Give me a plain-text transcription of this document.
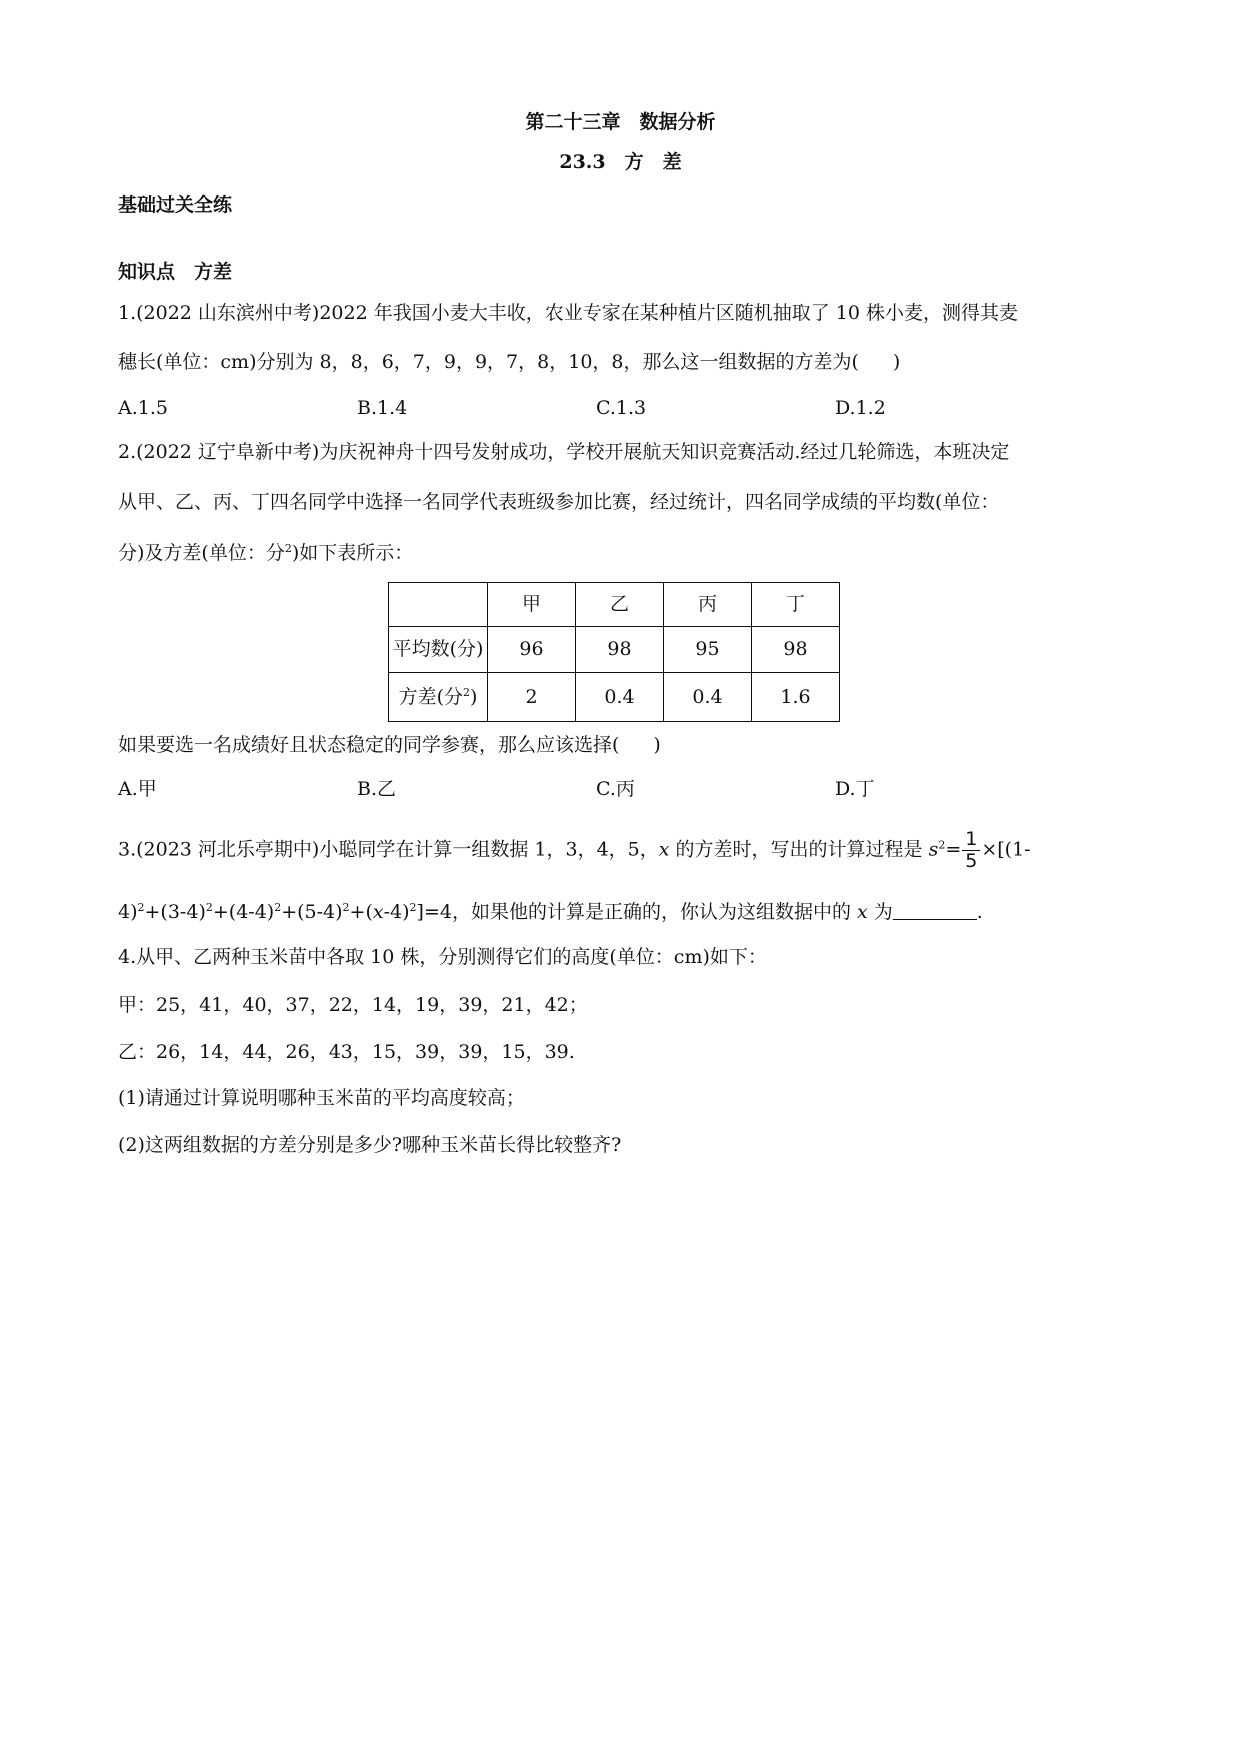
第二十三章　数据分析
23.3　方　差
基础过关全练
知识点　方差
1.(2022 山东滨州中考)2022 年我国小麦大丰收，农业专家在某种植片区随机抽取了 10 株小麦，测得其麦
穗长(单位：cm)分别为 8，8，6，7，9，9，7，8，10，8，那么这一组数据的方差为( )
A.1.5	B.1.4	C.1.3	D.1.2
2.(2022 辽宁阜新中考)为庆祝神舟十四号发射成功，学校开展航天知识竞赛活动.经过几轮筛选，本班决定
从甲、乙、丙、丁四名同学中选择一名同学代表班级参加比赛，经过统计，四名同学成绩的平均数(单位：
分)及方差(单位：分$^2$)如下表所示：
	甲	乙	丙	丁
平均数(分)	96	98	95	98
方差(分$^2$)	2	0.4	0.4	1.6
如果要选一名成绩好且状态稳定的同学参赛，那么应该选择( )
A.甲	B.乙	C.丙	D.丁
3.(2023 河北乐亭期中)小聪同学在计算一组数据 1，3，4，5，x 的方差时，写出的计算过程是 $s^2= \frac{1}{5} \times[(1-$
$4)^2+(3-4)^2+(4-4)^2+(5-4)^2+(x-4)^2]=4$，如果他的计算是正确的，你认为这组数据中的 x 为	.
4.从甲、乙两种玉米苗中各取 10 株，分别测得它们的高度(单位：cm)如下：
甲：25，41，40，37，22，14，19，39，21，42；
乙：26，14，44，26，43，15，39，39，15，39.
(1)请通过计算说明哪种玉米苗的平均高度较高；
(2)这两组数据的方差分别是多少?哪种玉米苗长得比较整齐?
